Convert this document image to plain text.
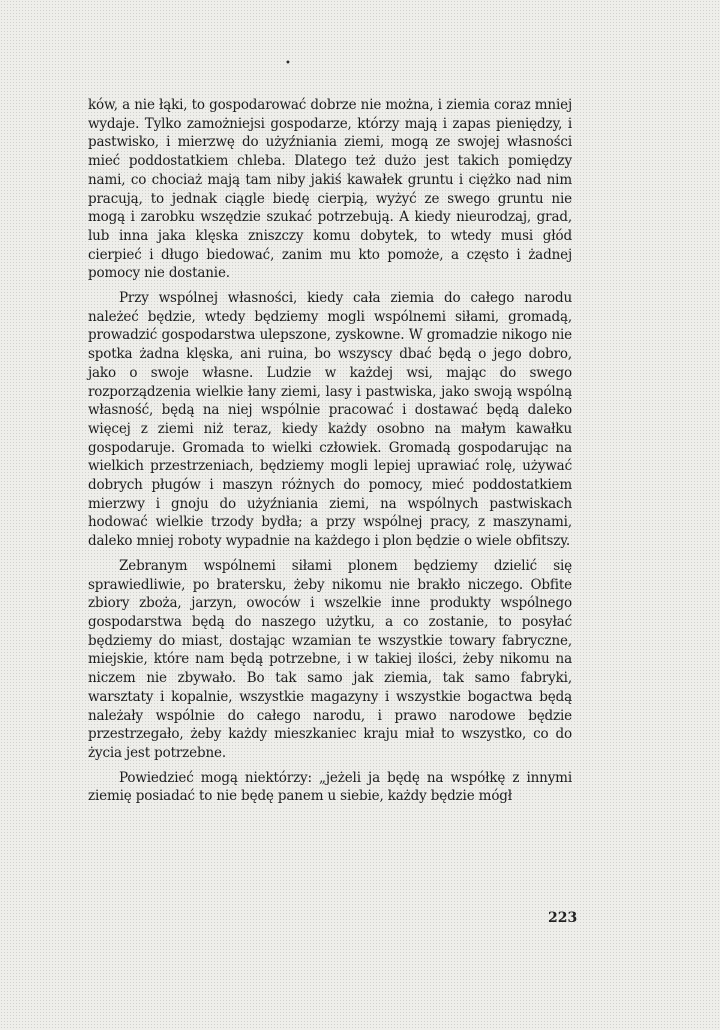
•

ków, a nie łąki, to gospodarować dobrze nie można, i ziemia coraz mniej wydaje. Tylko zamożniejsi gospodarze, którzy mają i zapas pieniędzy, i pastwisko, i mierzwę do użyźniania ziemi, mogą ze swojej własności mieć poddostatkiem chleba. Dlatego też dużo jest takich pomiędzy nami, co chociaż mają tam niby jakiś kawałek gruntu i ciężko nad nim pracują, to jednak ciągle biedę cierpią, wyżyć ze swego gruntu nie mogą i zarobku wszędzie szukać potrzebują. A kiedy nieurodzaj, grad, lub inna jaka klęska zniszczy komu dobytek, to wtedy musi głód cierpieć i długo biedować, zanim mu kto pomoże, a często i żadnej pomocy nie dostanie.

Przy wspólnej własności, kiedy cała ziemia do całego narodu należeć będzie, wtedy będziemy mogli wspólnemi siłami, gromadą, prowadzić gospodarstwa ulepszone, zyskowne. W gromadzie nikogo nie spotka żadna klęska, ani ruina, bo wszyscy dbać będą o jego dobro, jako o swoje własne. Ludzie w każdej wsi, mając do swego rozporządzenia wielkie łany ziemi, lasy i pastwiska, jako swoją wspólną własność, będą na niej wspólnie pracować i dostawać będą daleko więcej z ziemi niż teraz, kiedy każdy osobno na małym kawałku gospodaruje. Gromada to wielki człowiek. Gromadą gospodarując na wielkich przestrzeniach, będziemy mogli lepiej uprawiać rolę, używać dobrych pługów i maszyn różnych do pomocy, mieć poddostatkiem mierzwy i gnoju do użyźniania ziemi, na wspólnych pastwiskach hodować wielkie trzody bydła; a przy wspólnej pracy, z maszynami, daleko mniej roboty wypadnie na każdego i plon będzie o wiele obfitszy.

Zebranym wspólnemi siłami plonem będziemy dzielić się sprawiedliwie, po bratersku, żeby nikomu nie brakło niczego. Obfite zbiory zboża, jarzyn, owoców i wszelkie inne produkty wspólnego gospodarstwa będą do naszego użytku, a co zostanie, to posyłać będziemy do miast, dostając wzamian te wszystkie towary fabryczne, miejskie, które nam będą potrzebne, i w takiej ilości, żeby nikomu na niczem nie zbywało. Bo tak samo jak ziemia, tak samo fabryki, warsztaty i kopalnie, wszystkie magazyny i wszystkie bogactwa będą należały wspólnie do całego narodu, i prawo narodowe będzie przestrzegało, żeby każdy mieszkaniec kraju miał to wszystko, co do życia jest potrzebne.

Powiedzieć mogą niektórzy: „jeżeli ja będę na współkę z innymi ziemię posiadać to nie będę panem u siebie, każdy będzie mógł

223
